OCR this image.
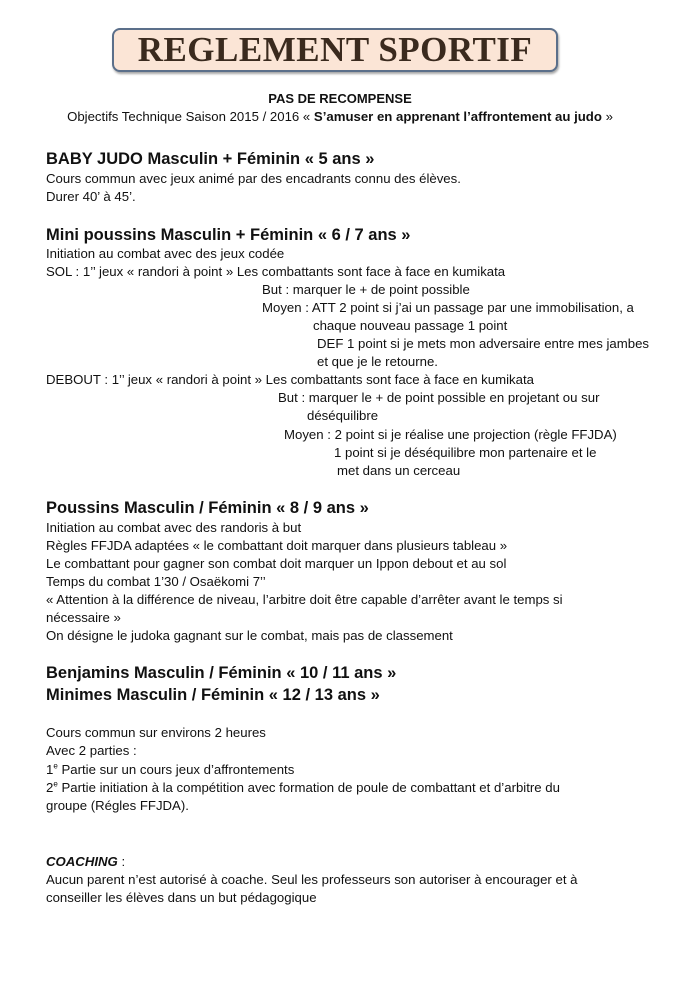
REGLEMENT SPORTIF
PAS DE RECOMPENSE
Objectifs Technique Saison 2015 / 2016 « S’amuser en apprenant l’affrontement au judo »
BABY JUDO Masculin + Féminin « 5 ans »
Cours commun avec jeux animé par des encadrants connu des élèves.
Durer 40’ à 45’.
Mini poussins Masculin + Féminin « 6 / 7 ans »
Initiation au combat avec des jeux codée
SOL : 1’’ jeux « randori à point » Les combattants sont face à face en kumikata
But : marquer le + de point possible
Moyen : ATT 2 point si j’ai un passage par une immobilisation, a
chaque nouveau passage 1 point
DEF 1 point si je mets mon adversaire entre mes jambes
et que je le retourne.
DEBOUT : 1’’ jeux « randori à point » Les combattants sont face à face en kumikata
But : marquer le + de point possible en projetant ou sur
déséquilibre
Moyen : 2 point si je réalise une projection (règle FFJDA)
1 point si je déséquilibre mon partenaire et le
met dans un cerceau
Poussins Masculin / Féminin « 8 / 9 ans »
Initiation au combat avec des randoris à but
Règles FFJDA adaptées « le combattant doit marquer dans plusieurs tableau »
Le combattant pour gagner son combat doit marquer un Ippon debout et au sol
Temps du combat 1’30 / Osaëkomi 7’’
« Attention à la différence de niveau, l’arbitre doit être capable d’arrêter avant le temps si
nécessaire »
On désigne le judoka gagnant sur le combat, mais pas de classement
Benjamins Masculin / Féminin « 10 / 11 ans »
Minimes Masculin / Féminin « 12 / 13 ans »
Cours commun sur environs 2 heures
Avec 2 parties :
1e Partie sur un cours jeux d’affrontements
2e Partie initiation à la compétition avec formation de poule de combattant et d’arbitre du
groupe (Régles FFJDA).
COACHING :
Aucun parent n’est autorisé à coache. Seul les professeurs son autoriser à encourager et à
conseiller les élèves dans un but pédagogique
